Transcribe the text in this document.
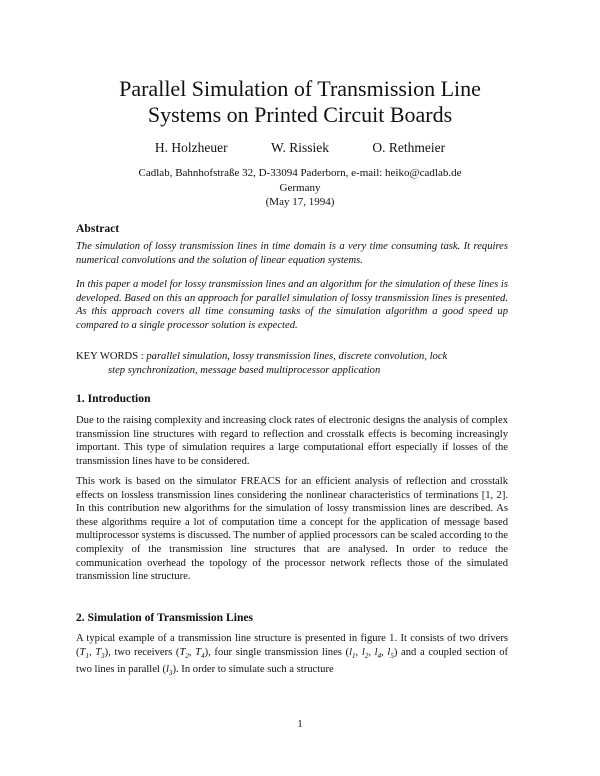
Parallel Simulation of Transmission Line
Systems on Printed Circuit Boards
H. Holzheuer	W. Rissiek	O. Rethmeier
Cadlab, Bahnhofstraße 32, D-33094 Paderborn, e-mail: heiko@cadlab.de
Germany
(May 17, 1994)
Abstract
The simulation of lossy transmission lines in time domain is a very time consuming task. It requires numerical convolutions and the solution of linear equation systems.
In this paper a model for lossy transmission lines and an algorithm for the simulation of these lines is developed. Based on this an approach for parallel simulation of lossy transmission lines is presented. As this approach covers all time consuming tasks of the simulation algorithm a good speed up compared to a single processor solution is expected.
KEY WORDS : parallel simulation, lossy transmission lines, discrete convolution, lock
step synchronization, message based multiprocessor application
1. Introduction
Due to the raising complexity and increasing clock rates of electronic designs the analysis of complex transmission line structures with regard to reflection and crosstalk effects is becoming increasingly important. This type of simulation requires a large computational effort especially if losses of the transmission lines have to be considered.
This work is based on the simulator FREACS for an efficient analysis of reflection and crosstalk effects on lossless transmission lines considering the nonlinear characteristics of terminations [1, 2]. In this contribution new algorithms for the simulation of lossy transmission lines are described. As these algorithms require a lot of computation time a concept for the application of message based multiprocessor systems is discussed. The number of applied processors can be scaled according to the complexity of the transmission line structures that are analysed. In order to reduce the communication overhead the topology of the processor network reflects those of the simulated transmission line structure.
2. Simulation of Transmission Lines
A typical example of a transmission line structure is presented in figure 1. It consists of two drivers ($T_1$, $T_3$), two receivers ($T_2$, $T_4$), four single transmission lines ($l_1$, $l_2$, $l_4$, $l_5$) and a coupled section of two lines in parallel $(l_3)$. In order to simulate such a structure
1
